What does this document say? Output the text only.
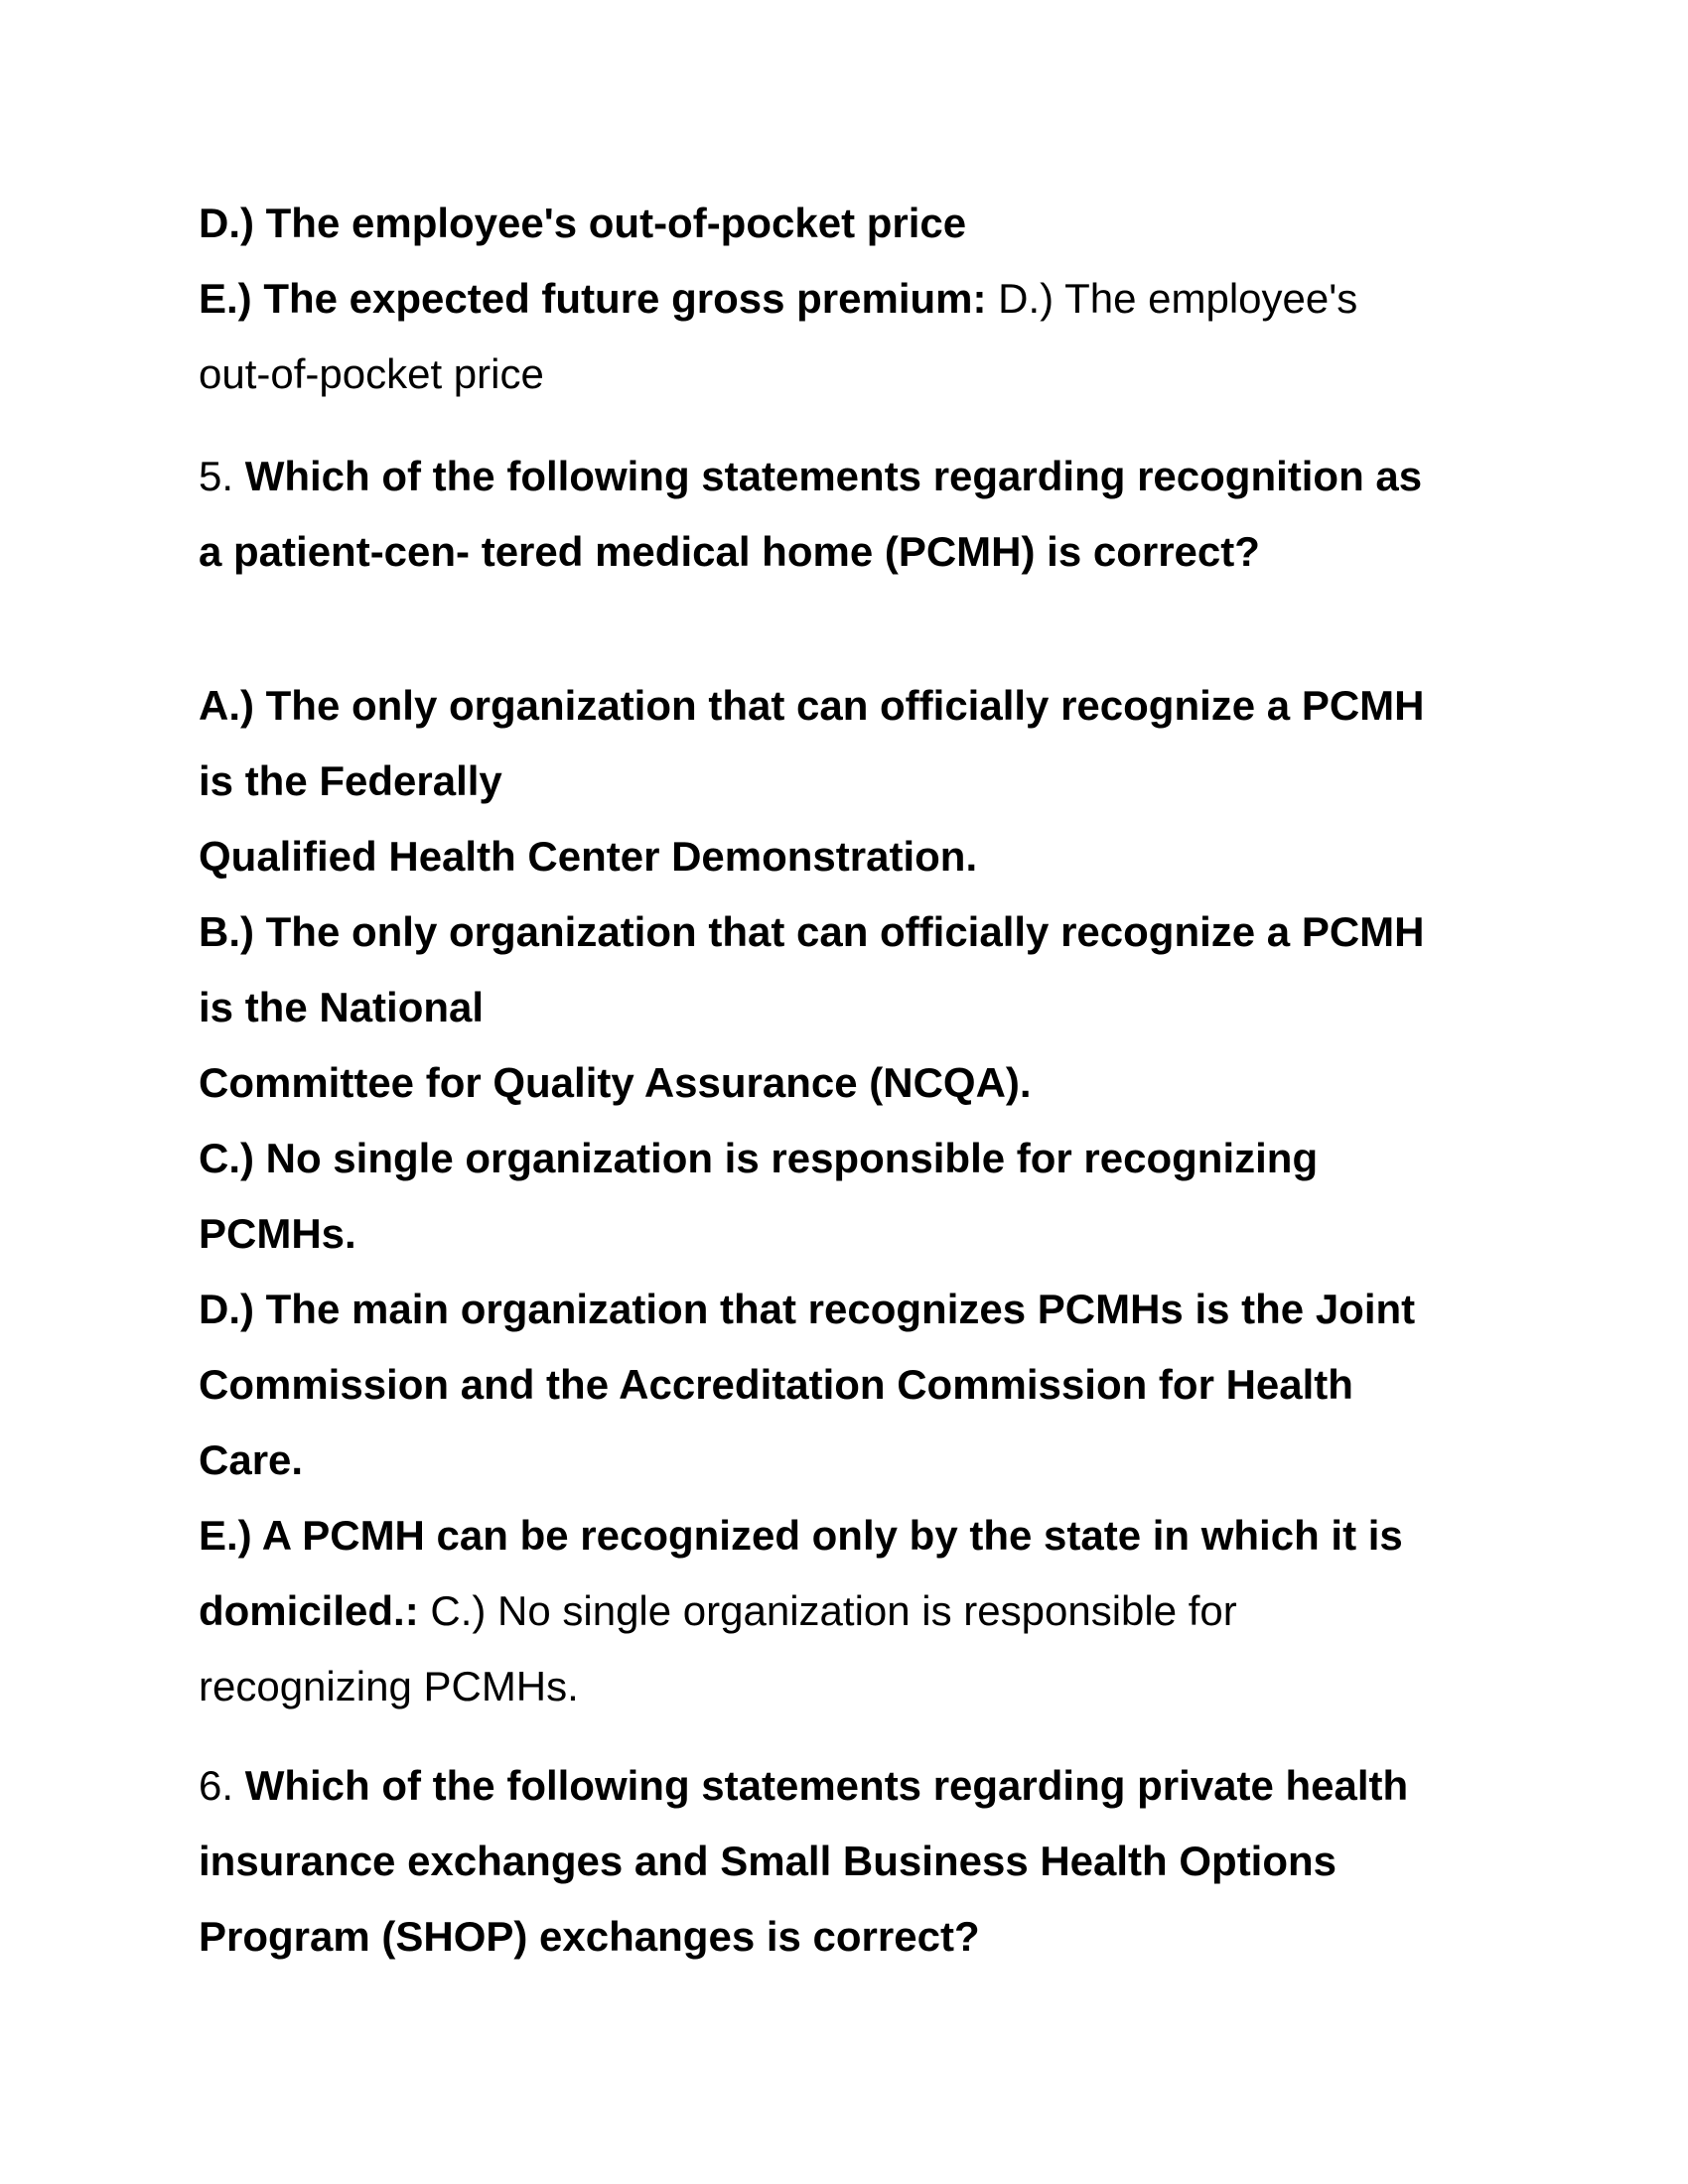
D.) The employee's out-of-pocket price
E.) The expected future gross premium: D.) The employee's
out-of-pocket price
5. Which of the following statements regarding recognition as
a patient-cen- tered medical home (PCMH) is correct?
A.) The only organization that can officially recognize a PCMH
is the Federally
Qualified Health Center Demonstration.
B.) The only organization that can officially recognize a PCMH
is the National
Committee for Quality Assurance (NCQA).
C.) No single organization is responsible for recognizing
PCMHs.
D.) The main organization that recognizes PCMHs is the Joint
Commission and the Accreditation Commission for Health
Care.
E.) A PCMH can be recognized only by the state in which it is
domiciled.: C.) No single organization is responsible for
recognizing PCMHs.
6. Which of the following statements regarding private health
insurance exchanges and Small Business Health Options
Program (SHOP) exchanges is correct?
